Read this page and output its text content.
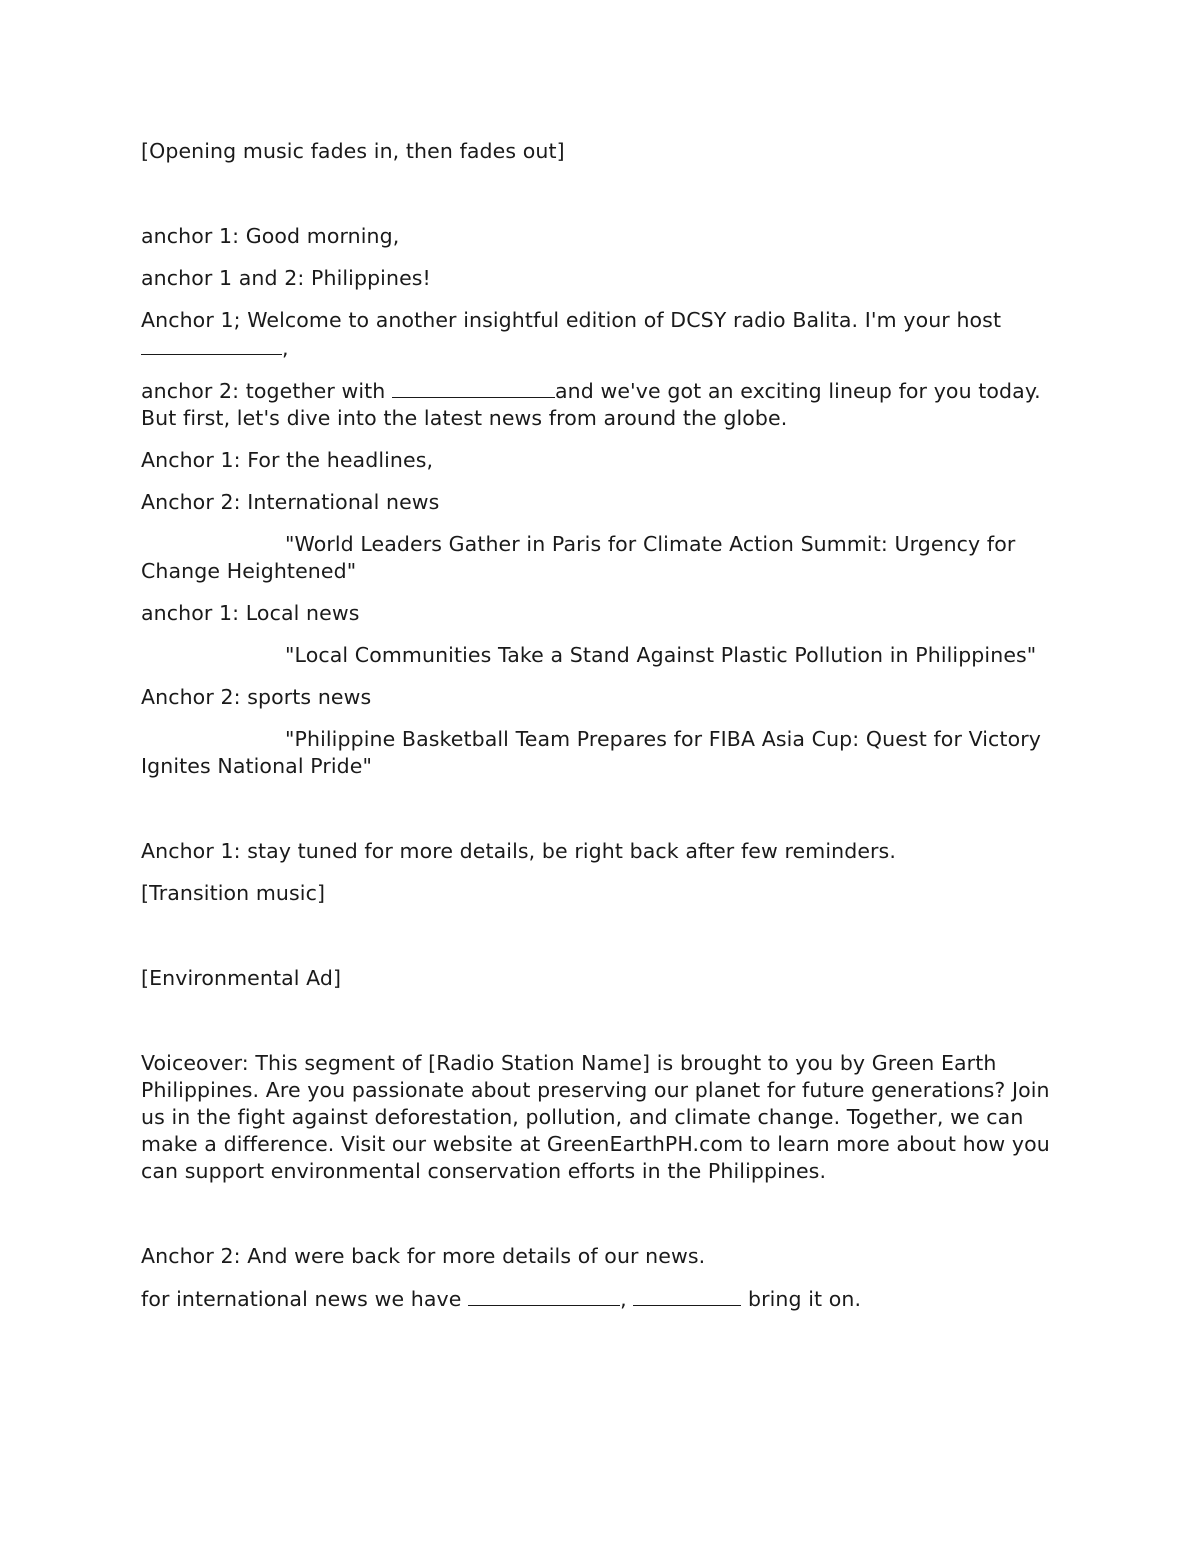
[Opening music fades in, then fades out]

anchor 1: Good morning,

anchor 1 and 2: Philippines!

Anchor 1; Welcome to another insightful edition of DCSY radio Balita. I'm your host
,

anchor 2: together with	and we've got an exciting lineup for you today. But first, let's dive into the latest news from around the globe.

Anchor 1: For the headlines,

Anchor 2: International news

"World Leaders Gather in Paris for Climate Action Summit: Urgency for Change Heightened"

anchor 1: Local news

"Local Communities Take a Stand Against Plastic Pollution in Philippines"

Anchor 2: sports news

"Philippine Basketball Team Prepares for FIBA Asia Cup: Quest for Victory Ignites National Pride"

Anchor 1: stay tuned for more details, be right back after few reminders.

[Transition music]

[Environmental Ad]

Voiceover: This segment of [Radio Station Name] is brought to you by Green Earth Philippines. Are you passionate about preserving our planet for future generations? Join us in the fight against deforestation, pollution, and climate change. Together, we can make a difference. Visit our website at GreenEarthPH.com to learn more about how you can support environmental conservation efforts in the Philippines.

Anchor 2: And were back for more details of our news.

for international news we have	,	bring it on.
